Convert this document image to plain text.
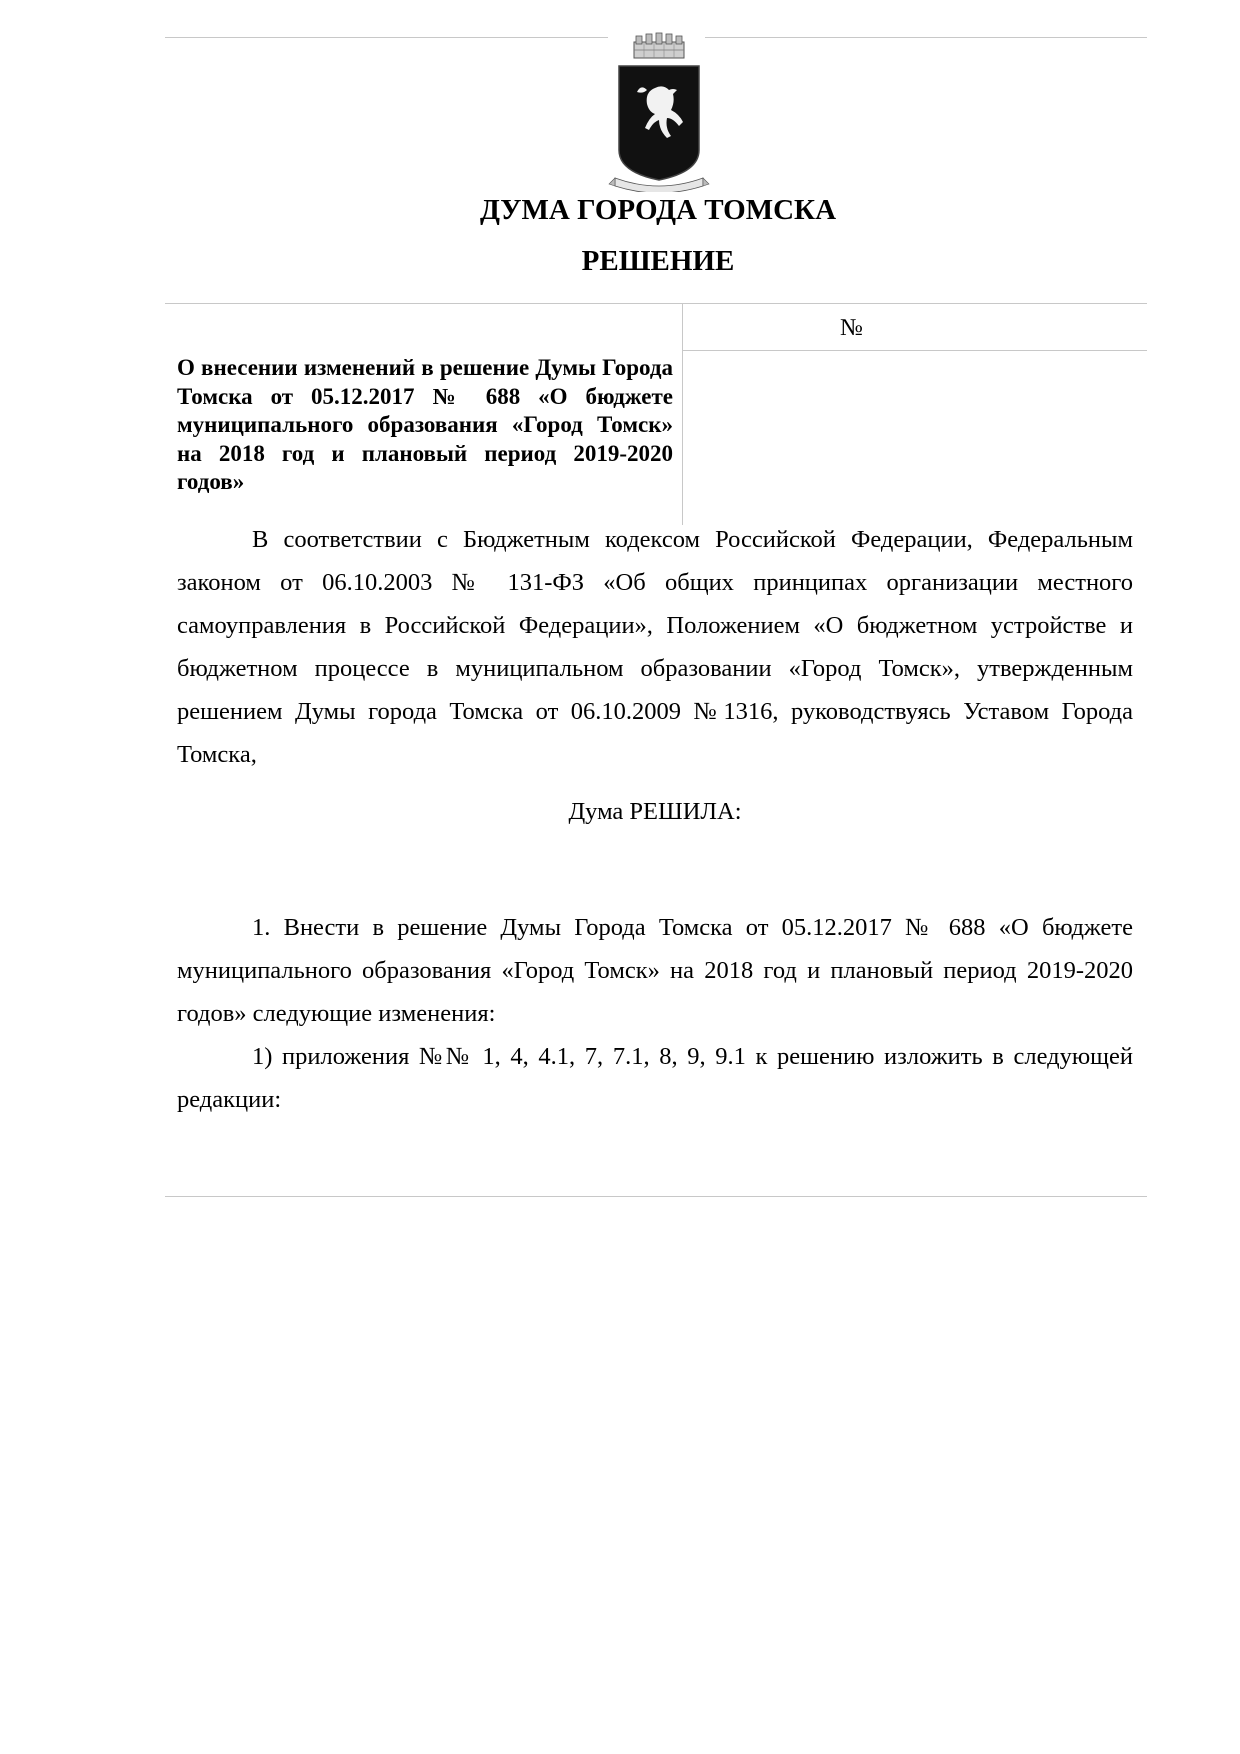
ДУМА ГОРОДА ТОМСКА
РЕШЕНИЕ
№
О внесении изменений в решение Думы Города Томска от 05.12.2017 № 688 «О бюджете муниципального образования «Город Томск» на 2018 год и плановый период 2019-2020 годов»
В соответствии с Бюджетным кодексом Российской Федерации, Федеральным законом от 06.10.2003 № 131-ФЗ «Об общих принципах организации местного самоуправления в Российской Федерации», Положением «О бюджетном устройстве и бюджетном процессе в муниципальном образовании «Город Томск», утвержденным решением Думы города Томска от 06.10.2009 №1316, руководствуясь Уставом Города Томска,
Дума РЕШИЛА:
1. Внести в решение Думы Города Томска от 05.12.2017 № 688 «О бюджете муниципального образования «Город Томск» на 2018 год и плановый период 2019-2020 годов» следующие изменения:
1) приложения №№ 1, 4, 4.1, 7, 7.1, 8, 9, 9.1 к решению изложить в следующей редакции:
